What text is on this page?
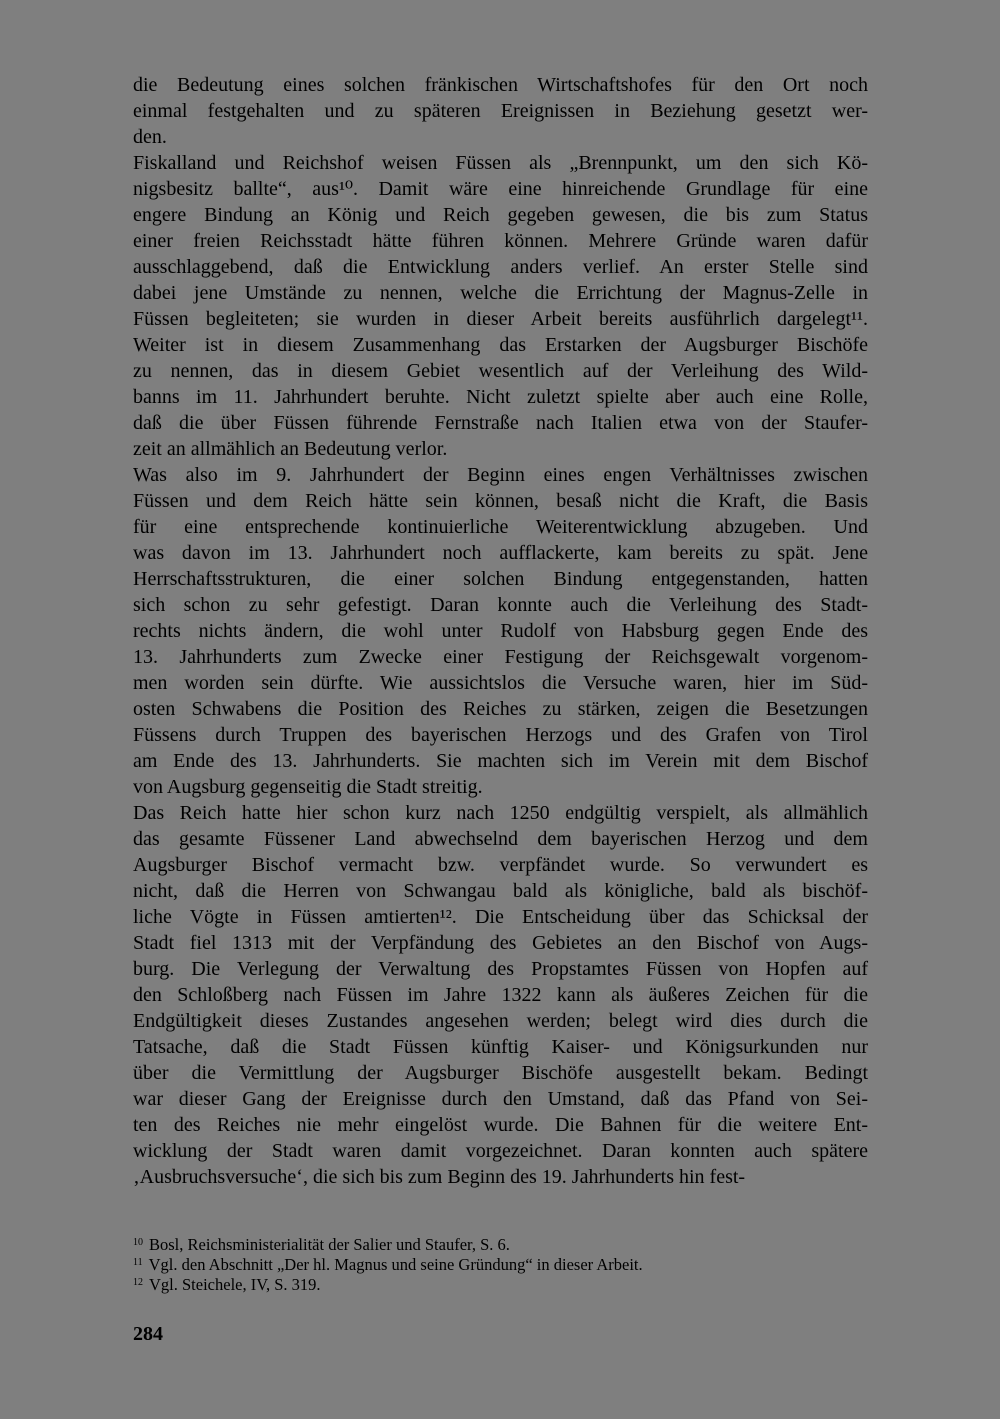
die Bedeutung eines solchen fränkischen Wirtschaftshofes für den Ort noch
einmal festgehalten und zu späteren Ereignissen in Beziehung gesetzt wer-
den.
Fiskalland und Reichshof weisen Füssen als „Brennpunkt, um den sich Kö-
nigsbesitz ballte“, aus¹⁰. Damit wäre eine hinreichende Grundlage für eine
engere Bindung an König und Reich gegeben gewesen, die bis zum Status
einer freien Reichsstadt hätte führen können. Mehrere Gründe waren dafür
ausschlaggebend, daß die Entwicklung anders verlief. An erster Stelle sind
dabei jene Umstände zu nennen, welche die Errichtung der Magnus-Zelle in
Füssen begleiteten; sie wurden in dieser Arbeit bereits ausführlich dargelegt¹¹.
Weiter ist in diesem Zusammenhang das Erstarken der Augsburger Bischöfe
zu nennen, das in diesem Gebiet wesentlich auf der Verleihung des Wild-
banns im 11. Jahrhundert beruhte. Nicht zuletzt spielte aber auch eine Rolle,
daß die über Füssen führende Fernstraße nach Italien etwa von der Staufer-
zeit an allmählich an Bedeutung verlor.
Was also im 9. Jahrhundert der Beginn eines engen Verhältnisses zwischen
Füssen und dem Reich hätte sein können, besaß nicht die Kraft, die Basis
für eine entsprechende kontinuierliche Weiterentwicklung abzugeben. Und
was davon im 13. Jahrhundert noch aufflackerte, kam bereits zu spät. Jene
Herrschaftsstrukturen, die einer solchen Bindung entgegenstanden, hatten
sich schon zu sehr gefestigt. Daran konnte auch die Verleihung des Stadt-
rechts nichts ändern, die wohl unter Rudolf von Habsburg gegen Ende des
13. Jahrhunderts zum Zwecke einer Festigung der Reichsgewalt vorgenom-
men worden sein dürfte. Wie aussichtslos die Versuche waren, hier im Süd-
osten Schwabens die Position des Reiches zu stärken, zeigen die Besetzungen
Füssens durch Truppen des bayerischen Herzogs und des Grafen von Tirol
am Ende des 13. Jahrhunderts. Sie machten sich im Verein mit dem Bischof
von Augsburg gegenseitig die Stadt streitig.
Das Reich hatte hier schon kurz nach 1250 endgültig verspielt, als allmählich
das gesamte Füssener Land abwechselnd dem bayerischen Herzog und dem
Augsburger Bischof vermacht bzw. verpfändet wurde. So verwundert es
nicht, daß die Herren von Schwangau bald als königliche, bald als bischöf-
liche Vögte in Füssen amtierten¹². Die Entscheidung über das Schicksal der
Stadt fiel 1313 mit der Verpfändung des Gebietes an den Bischof von Augs-
burg. Die Verlegung der Verwaltung des Propstamtes Füssen von Hopfen auf
den Schloßberg nach Füssen im Jahre 1322 kann als äußeres Zeichen für die
Endgültigkeit dieses Zustandes angesehen werden; belegt wird dies durch die
Tatsache, daß die Stadt Füssen künftig Kaiser- und Königsurkunden nur
über die Vermittlung der Augsburger Bischöfe ausgestellt bekam. Bedingt
war dieser Gang der Ereignisse durch den Umstand, daß das Pfand von Sei-
ten des Reiches nie mehr eingelöst wurde. Die Bahnen für die weitere Ent-
wicklung der Stadt waren damit vorgezeichnet. Daran konnten auch spätere
‚Ausbruchsversuche‘, die sich bis zum Beginn des 19. Jahrhunderts hin fest-
$^{10}$ Bosl, Reichsministerialität der Salier und Staufer, S. 6.
$^{11}$ Vgl. den Abschnitt „Der hl. Magnus und seine Gründung“ in dieser Arbeit.
$^{12}$ Vgl. Steichele, IV, S. 319.
284
